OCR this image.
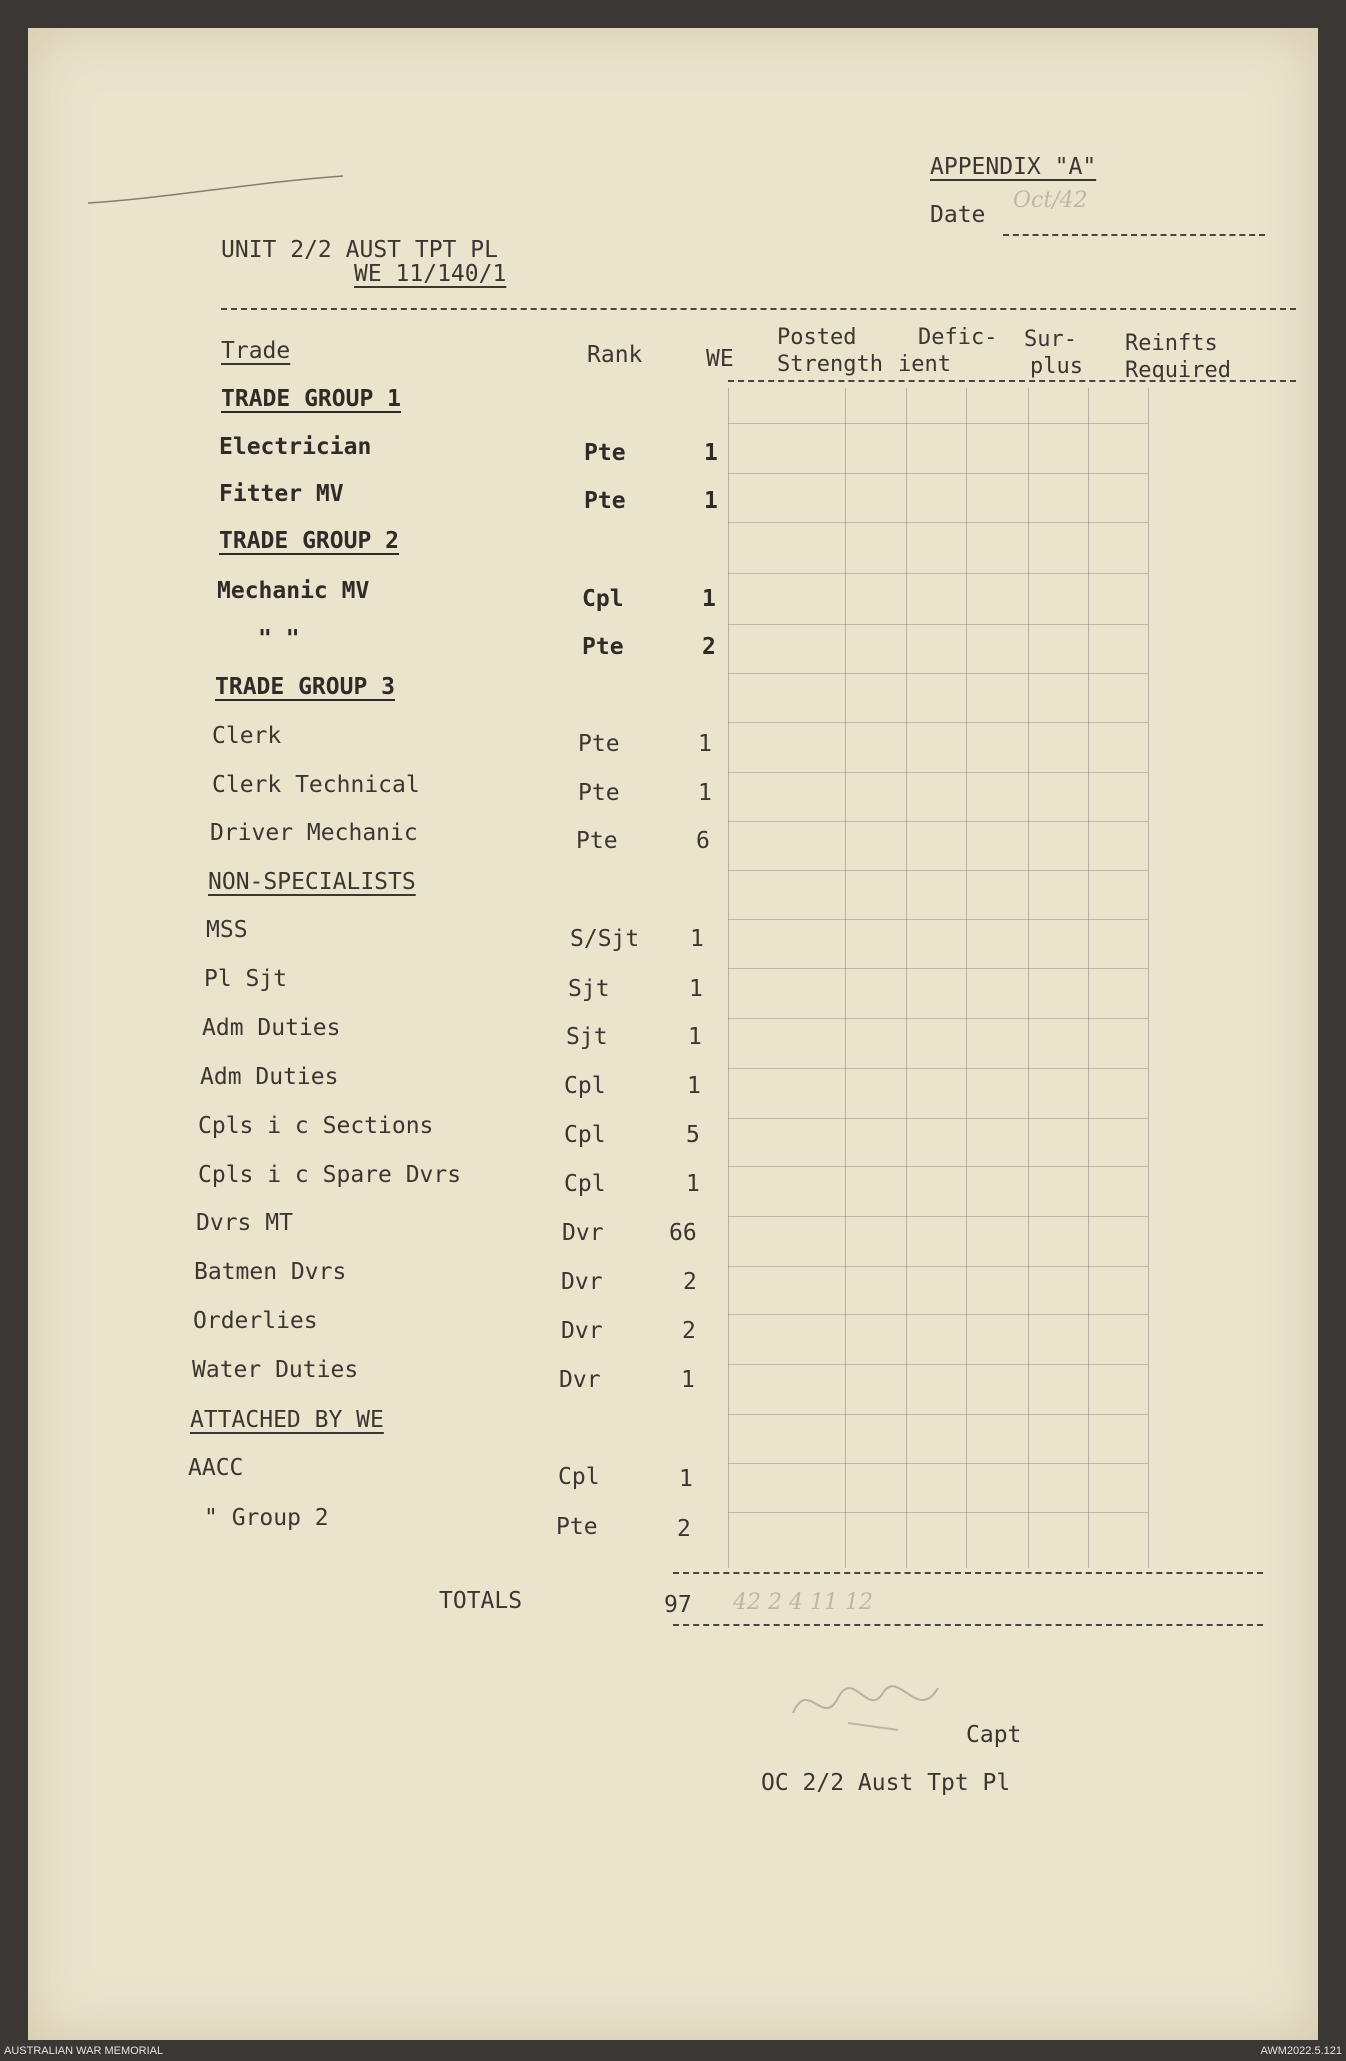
APPENDIX "A"
Date
Oct/42
UNIT 2/2 AUST TPT PL
WE 11/140/1
Trade	Rank	WE
Posted
Strength
Defic-
ient
Sur-
plus
Reinfts
Required
TRADE GROUP 1
Electrician	Pte	1
Fitter MV	Pte	1
TRADE GROUP 2
Mechanic MV	Cpl	1
" "	Pte	2
TRADE GROUP 3
Clerk	Pte	1
Clerk Technical	Pte	1
Driver Mechanic	Pte	6
NON-SPECIALISTS
MSS	S/Sjt 1
Pl Sjt	Sjt	1
Adm Duties	Sjt	1
Adm Duties	Cpl	1
Cpls i c Sections	Cpl	5
Cpls i c Spare Dvrs	Cpl	1
Dvrs MT	Dvr	66
Batmen Dvrs	Dvr	2
Orderlies	Dvr	2
Water Duties	Dvr	1
ATTACHED BY WE
AACC	Cpl	1
" Group 2	Pte	2
TOTALS	97 42 2 4 11 12
Capt
OC 2/2 Aust Tpt Pl
AUSTRALIAN WAR MEMORIAL	AWM2022.5.121
